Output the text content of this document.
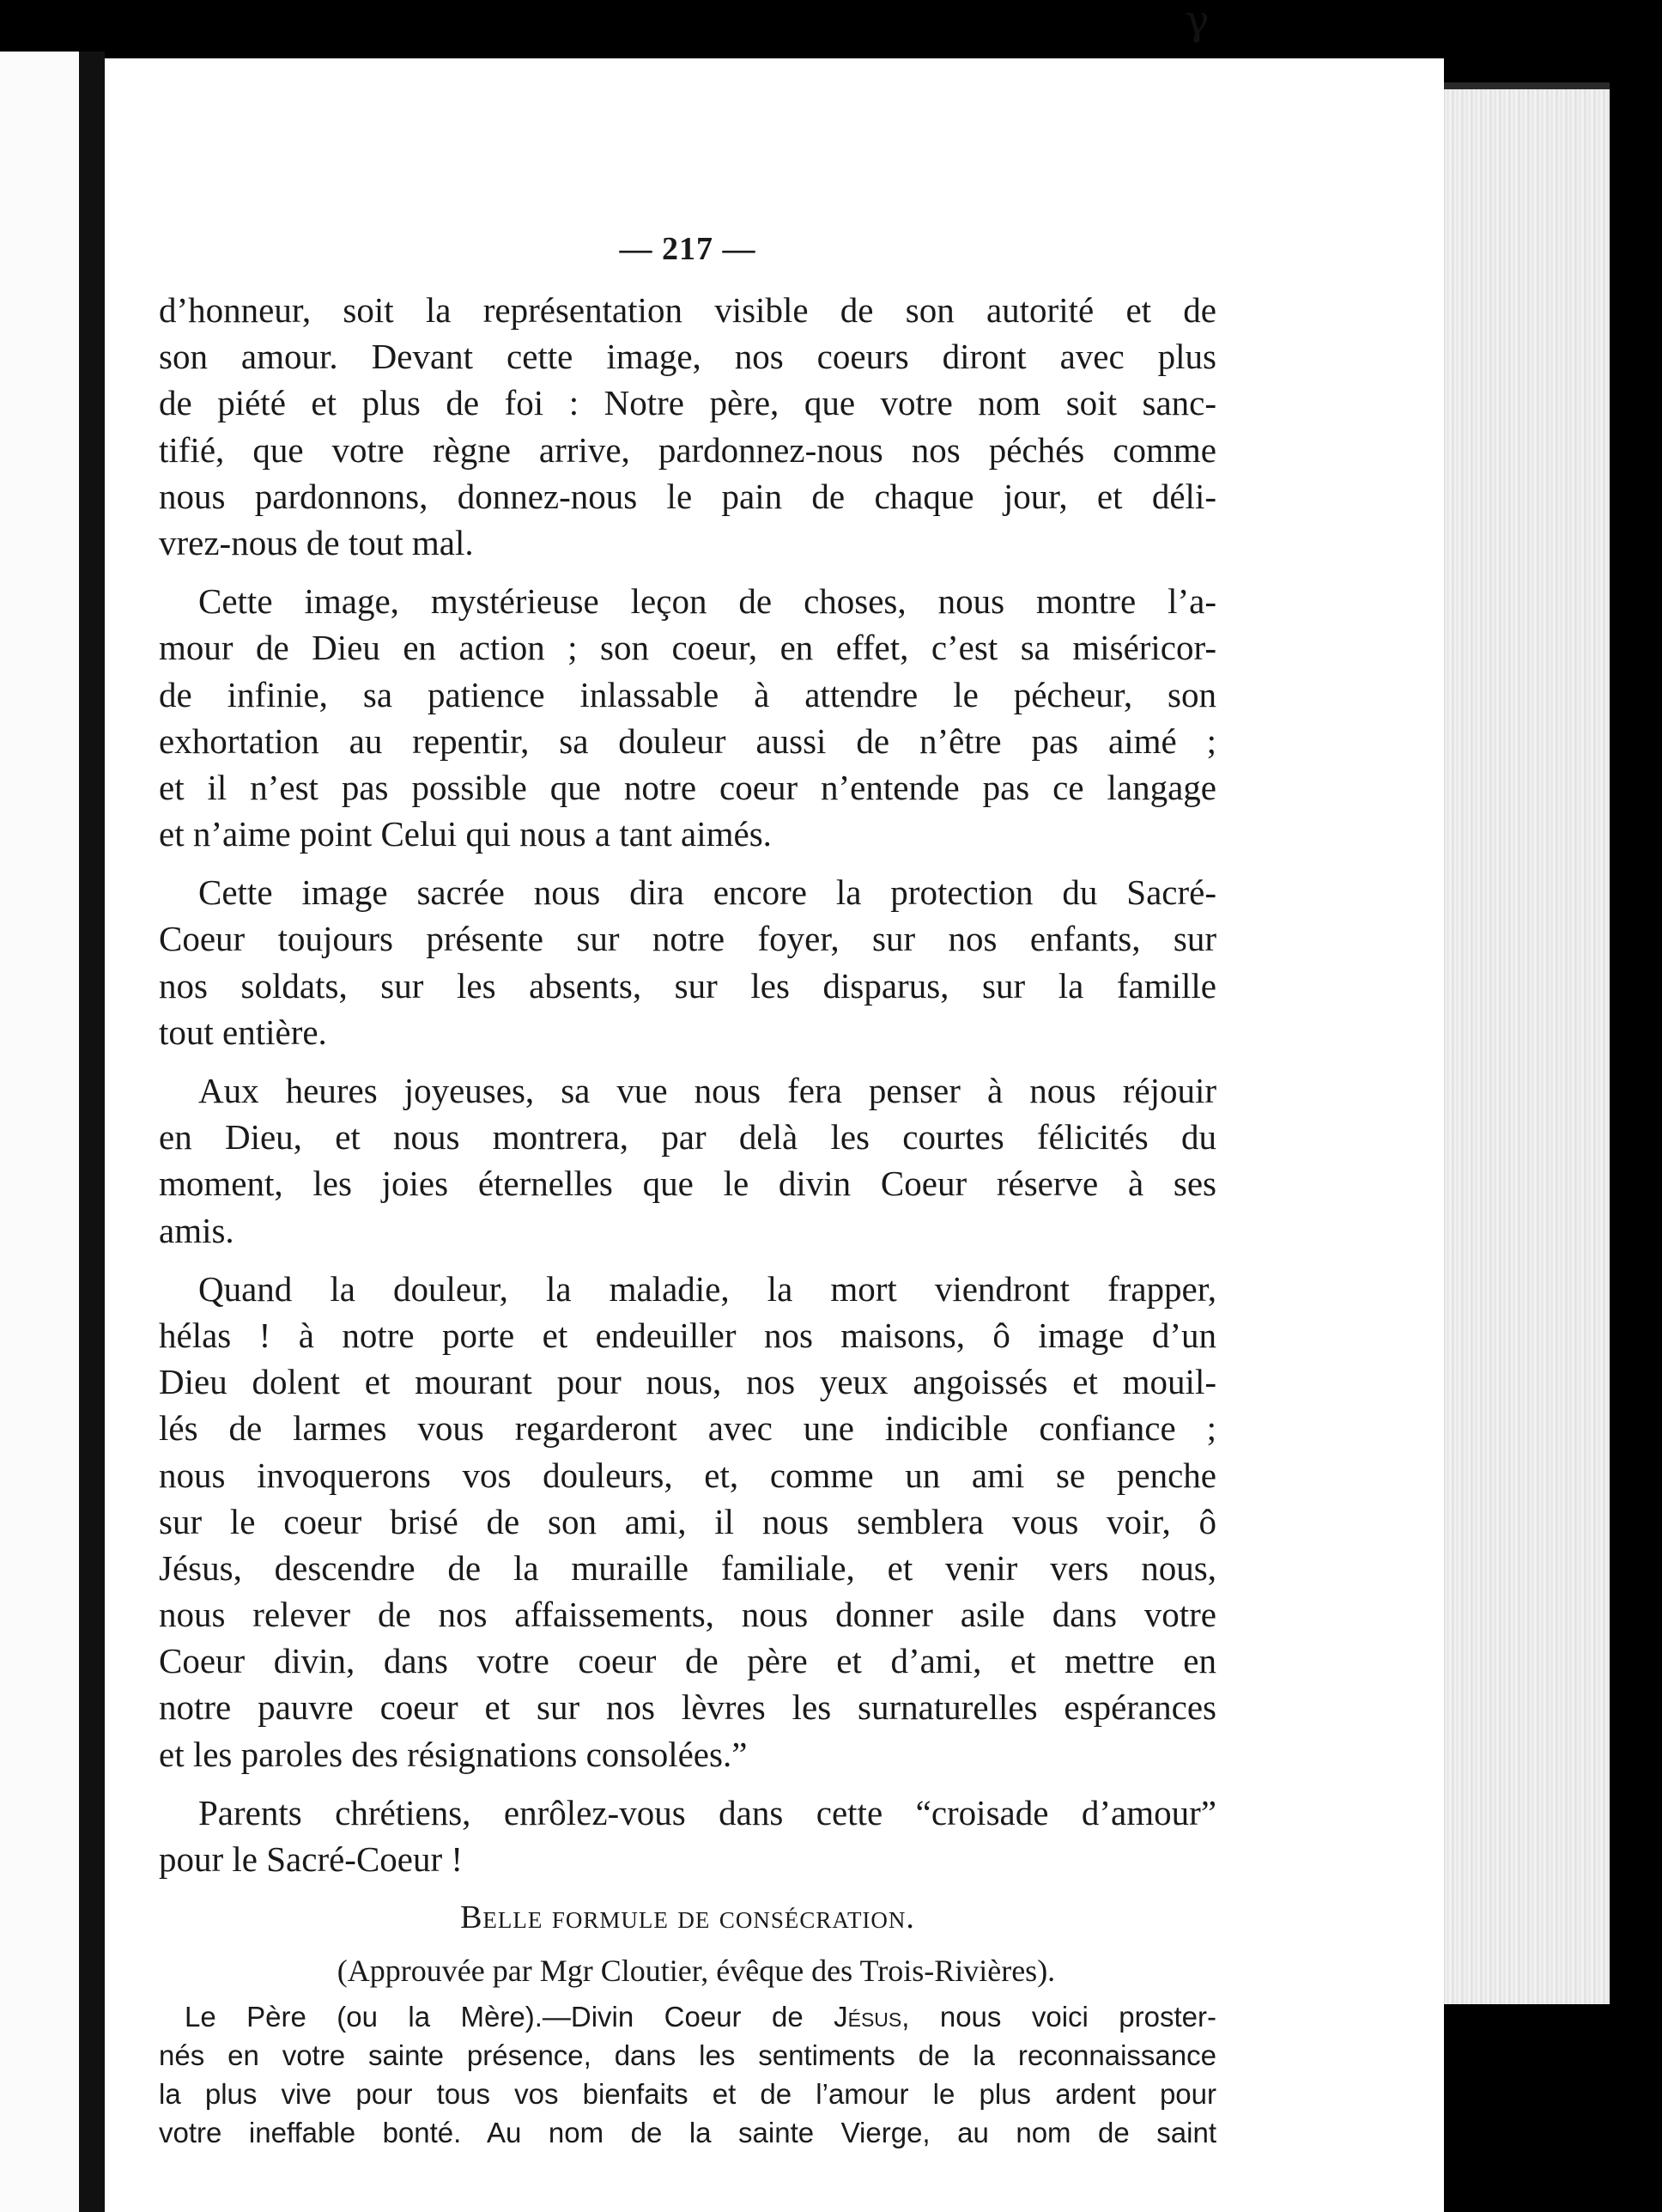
γ
— 217 —
d’honneur, soit la représentation visible de son autorité et de
son amour. Devant cette image, nos coeurs diront avec plus
de piété et plus de foi : Notre père, que votre nom soit sanc-
tifié, que votre règne arrive, pardonnez-nous nos péchés comme
nous pardonnons, donnez-nous le pain de chaque jour, et déli-
vrez-nous de tout mal.
Cette image, mystérieuse leçon de choses, nous montre l’a-
mour de Dieu en action ; son coeur, en effet, c’est sa miséricor-
de infinie, sa patience inlassable à attendre le pécheur, son
exhortation au repentir, sa douleur aussi de n’être pas aimé ;
et il n’est pas possible que notre coeur n’entende pas ce langage
et n’aime point Celui qui nous a tant aimés.
Cette image sacrée nous dira encore la protection du Sacré-
Coeur toujours présente sur notre foyer, sur nos enfants, sur
nos soldats, sur les absents, sur les disparus, sur la famille
tout entière.
Aux heures joyeuses, sa vue nous fera penser à nous réjouir
en Dieu, et nous montrera, par delà les courtes félicités du
moment, les joies éternelles que le divin Coeur réserve à ses
amis.
Quand la douleur, la maladie, la mort viendront frapper,
hélas ! à notre porte et endeuiller nos maisons, ô image d’un
Dieu dolent et mourant pour nous, nos yeux angoissés et mouil-
lés de larmes vous regarderont avec une indicible confiance ;
nous invoquerons vos douleurs, et, comme un ami se penche
sur le coeur brisé de son ami, il nous semblera vous voir, ô
Jésus, descendre de la muraille familiale, et venir vers nous,
nous relever de nos affaissements, nous donner asile dans votre
Coeur divin, dans votre coeur de père et d’ami, et mettre en
notre pauvre coeur et sur nos lèvres les surnaturelles espérances
et les paroles des résignations consolées.”
Parents chrétiens, enrôlez-vous dans cette “croisade d’amour”
pour le Sacré-Coeur !
Belle formule de consécration.
(Approuvée par Mgr Cloutier, évêque des Trois-Rivières).
Le Père (ou la Mère).—Divin Coeur de Jésus, nous voici proster-
nés en votre sainte présence, dans les sentiments de la reconnaissance
la plus vive pour tous vos bienfaits et de l’amour le plus ardent pour
votre ineffable bonté. Au nom de la sainte Vierge, au nom de saint
